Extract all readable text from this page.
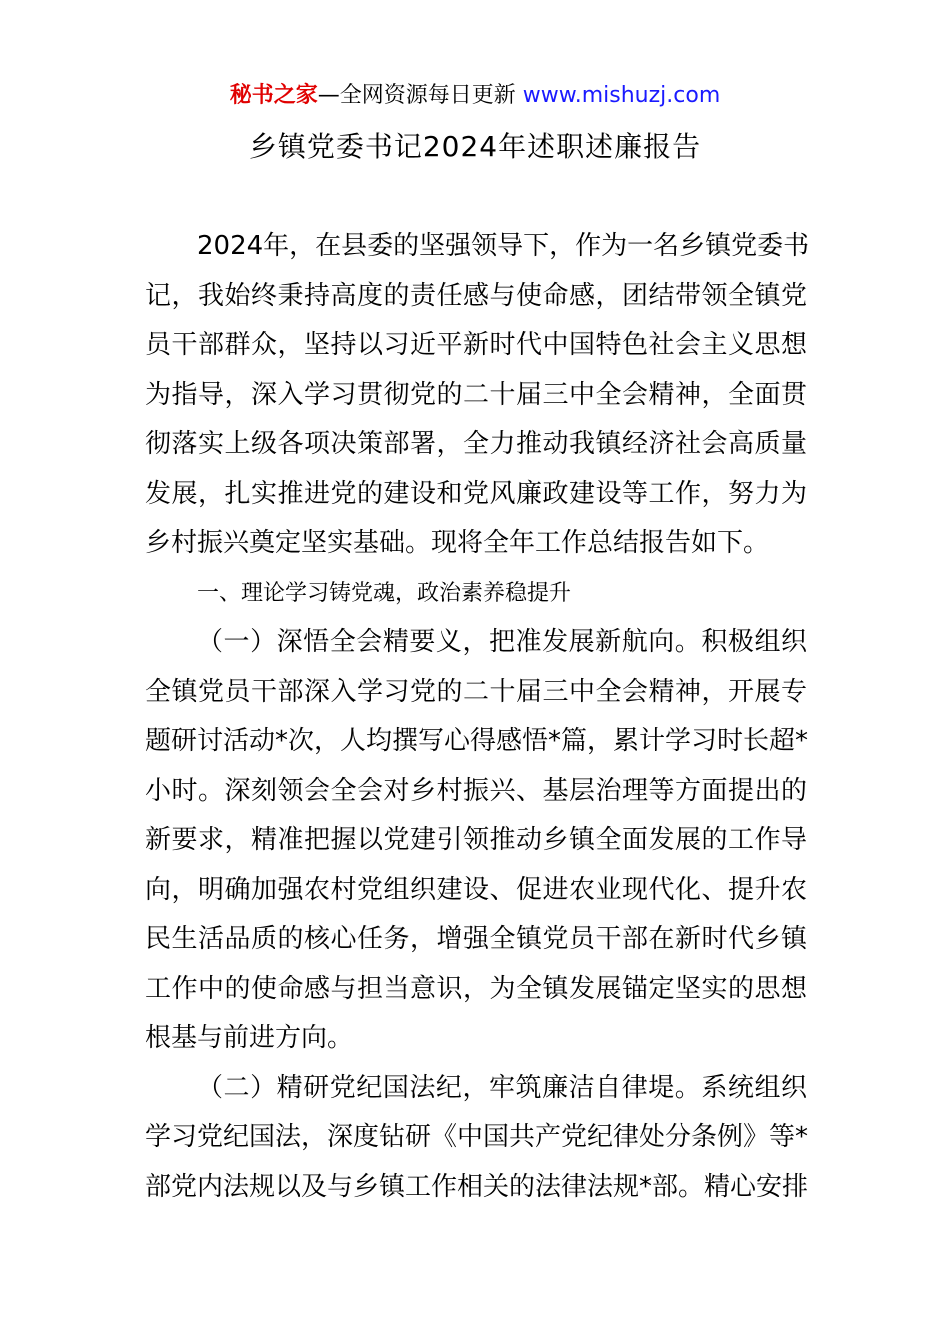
秘书之家—全网资源每日更新 www.mishuzj.com
乡镇党委书记2024年述职述廉报告
2024年，在县委的坚强领导下，作为一名乡镇党委书
记，我始终秉持高度的责任感与使命感，团结带领全镇党
员干部群众，坚持以习近平新时代中国特色社会主义思想
为指导，深入学习贯彻党的二十届三中全会精神，全面贯
彻落实上级各项决策部署，全力推动我镇经济社会高质量
发展，扎实推进党的建设和党风廉政建设等工作，努力为
乡村振兴奠定坚实基础。现将全年工作总结报告如下。
一、理论学习铸党魂，政治素养稳提升
（一）深悟全会精要义，把准发展新航向。积极组织
全镇党员干部深入学习党的二十届三中全会精神，开展专
题研讨活动*次，人均撰写心得感悟*篇，累计学习时长超*
小时。深刻领会全会对乡村振兴、基层治理等方面提出的
新要求，精准把握以党建引领推动乡镇全面发展的工作导
向，明确加强农村党组织建设、促进农业现代化、提升农
民生活品质的核心任务，增强全镇党员干部在新时代乡镇
工作中的使命感与担当意识，为全镇发展锚定坚实的思想
根基与前进方向。
（二）精研党纪国法纪，牢筑廉洁自律堤。系统组织
学习党纪国法，深度钻研《中国共产党纪律处分条例》等*
部党内法规以及与乡镇工作相关的法律法规*部。精心安排
